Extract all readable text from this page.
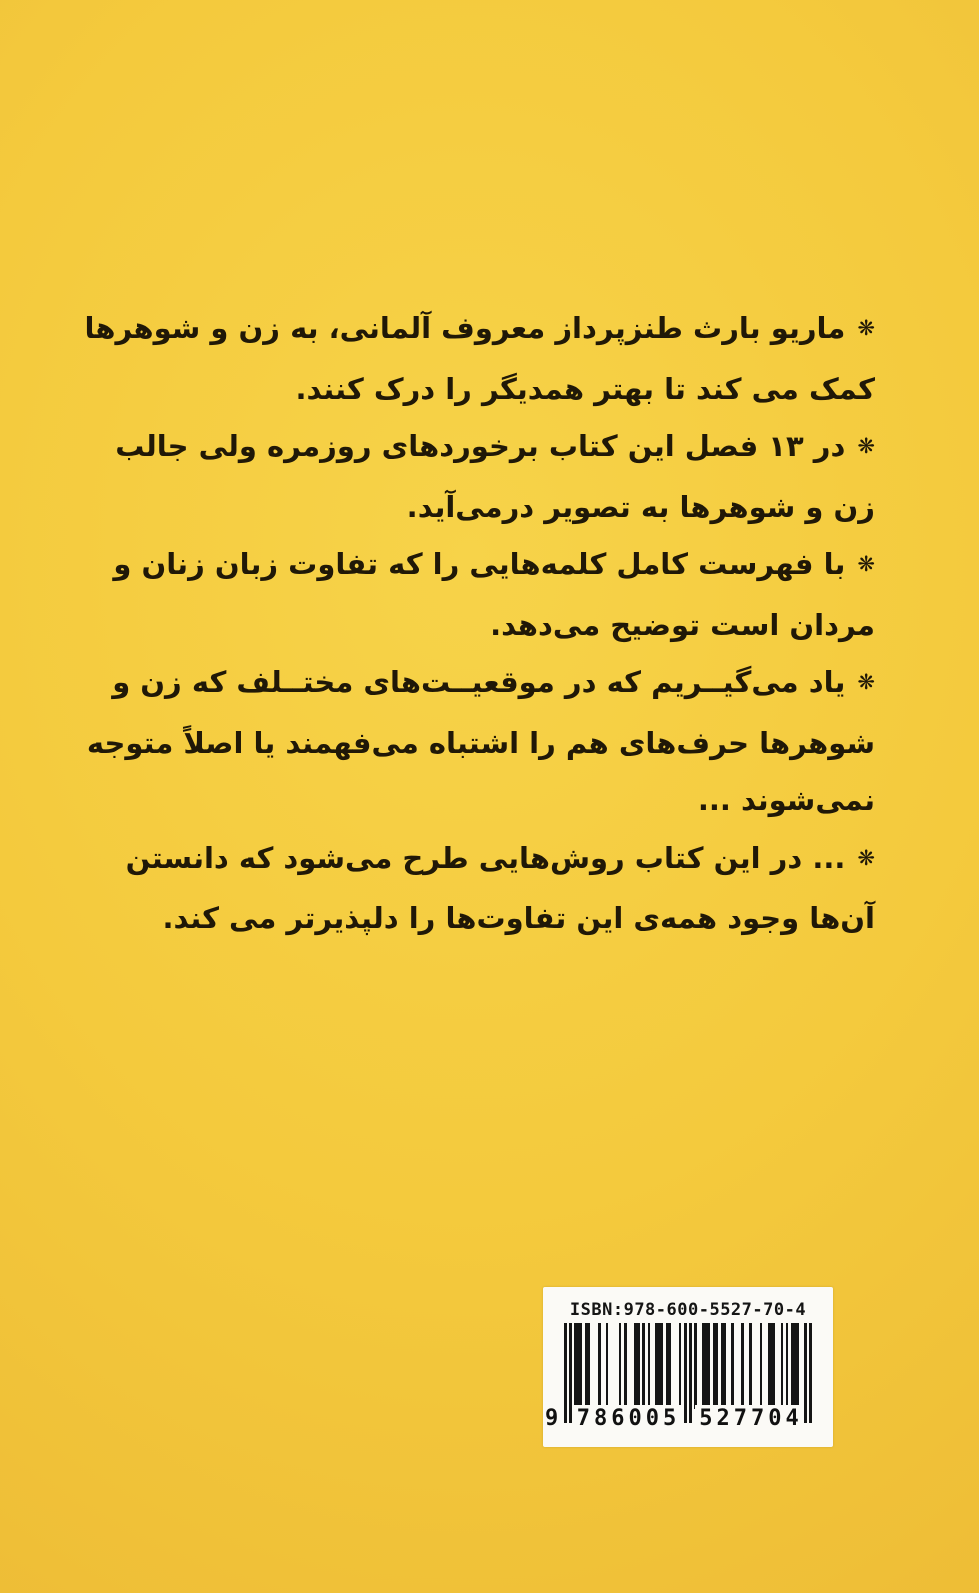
❋ماریو بارث طنزپرداز معروف آلمانی، به زن و شوهرها
کمک می کند تا بهتر همدیگر را درک کنند.
❋در ۱۳ فصل این کتاب برخوردهای روزمره ولی جالب
زن و شوهرها به تصویر درمی‌آید.
❋با فهرست کامل کلمه‌هایی را که تفاوت زبان زنان و
مردان است توضیح می‌دهد.
❋یاد می‌گیــریم که در موقعیــت‌های مختــلف که زن و
شوهرها حرف‌های هم را اشتباه می‌فهمند یا اصلاً متوجه
نمی‌شوند ...
❋... در این کتاب روش‌هایی طرح می‌شود که دانستن
آن‌ها وجود همه‌ی این تفاوت‌ها را دلپذیرتر می کند.
ISBN:978-600-5527-70-4
9 786005 527704
